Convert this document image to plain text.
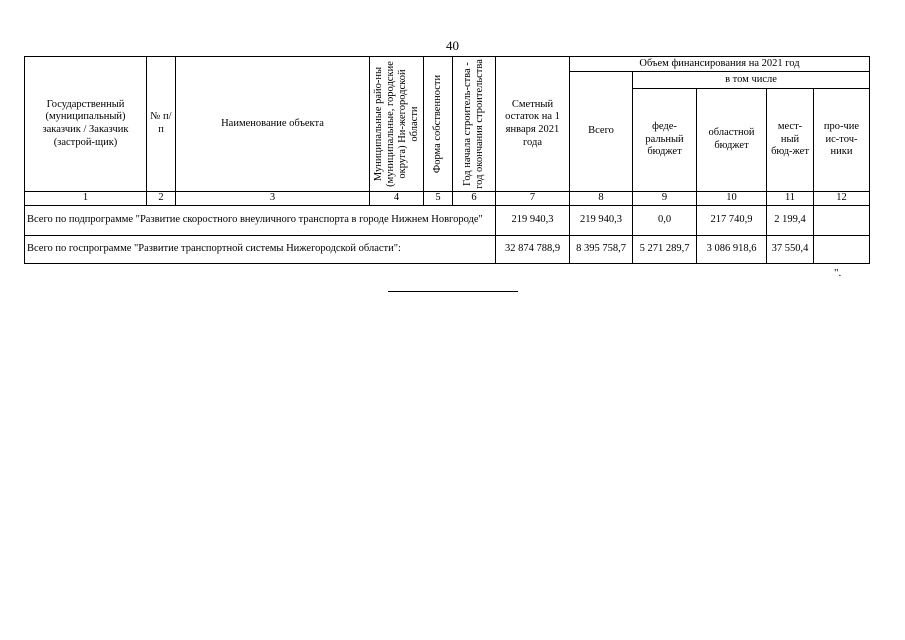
40
Государственный (муниципальный) заказчик / Заказчик (застрой-щик)	№ п/п	Наименование объекта	Муниципальные райо-ны (муниципальные, городские округа) Ни-жегородской области	Форма собственности	Год начала строитель-ства - год окончания строительства	Сметный остаток на 1 января 2021 года	Объем финансирования на 2021 год				
							Всего	в том числе			
								феде-ральный бюджет	областной бюджет	мест-ный бюд-жет	про-чие ис-точ-ники
1	2	3	4	5	6	7	8	9	10	11	12
Всего по подпрограмме "Развитие скоростного внеуличного транспорта в городе Нижнем Новгороде"						219 940,3	219 940,3	0,0	217 740,9	2 199,4	
Всего по госпрограмме "Развитие транспортной системы Нижегородской области":						32 874 788,9	8 395 758,7	5 271 289,7	3 086 918,6	37 550,4	
".
